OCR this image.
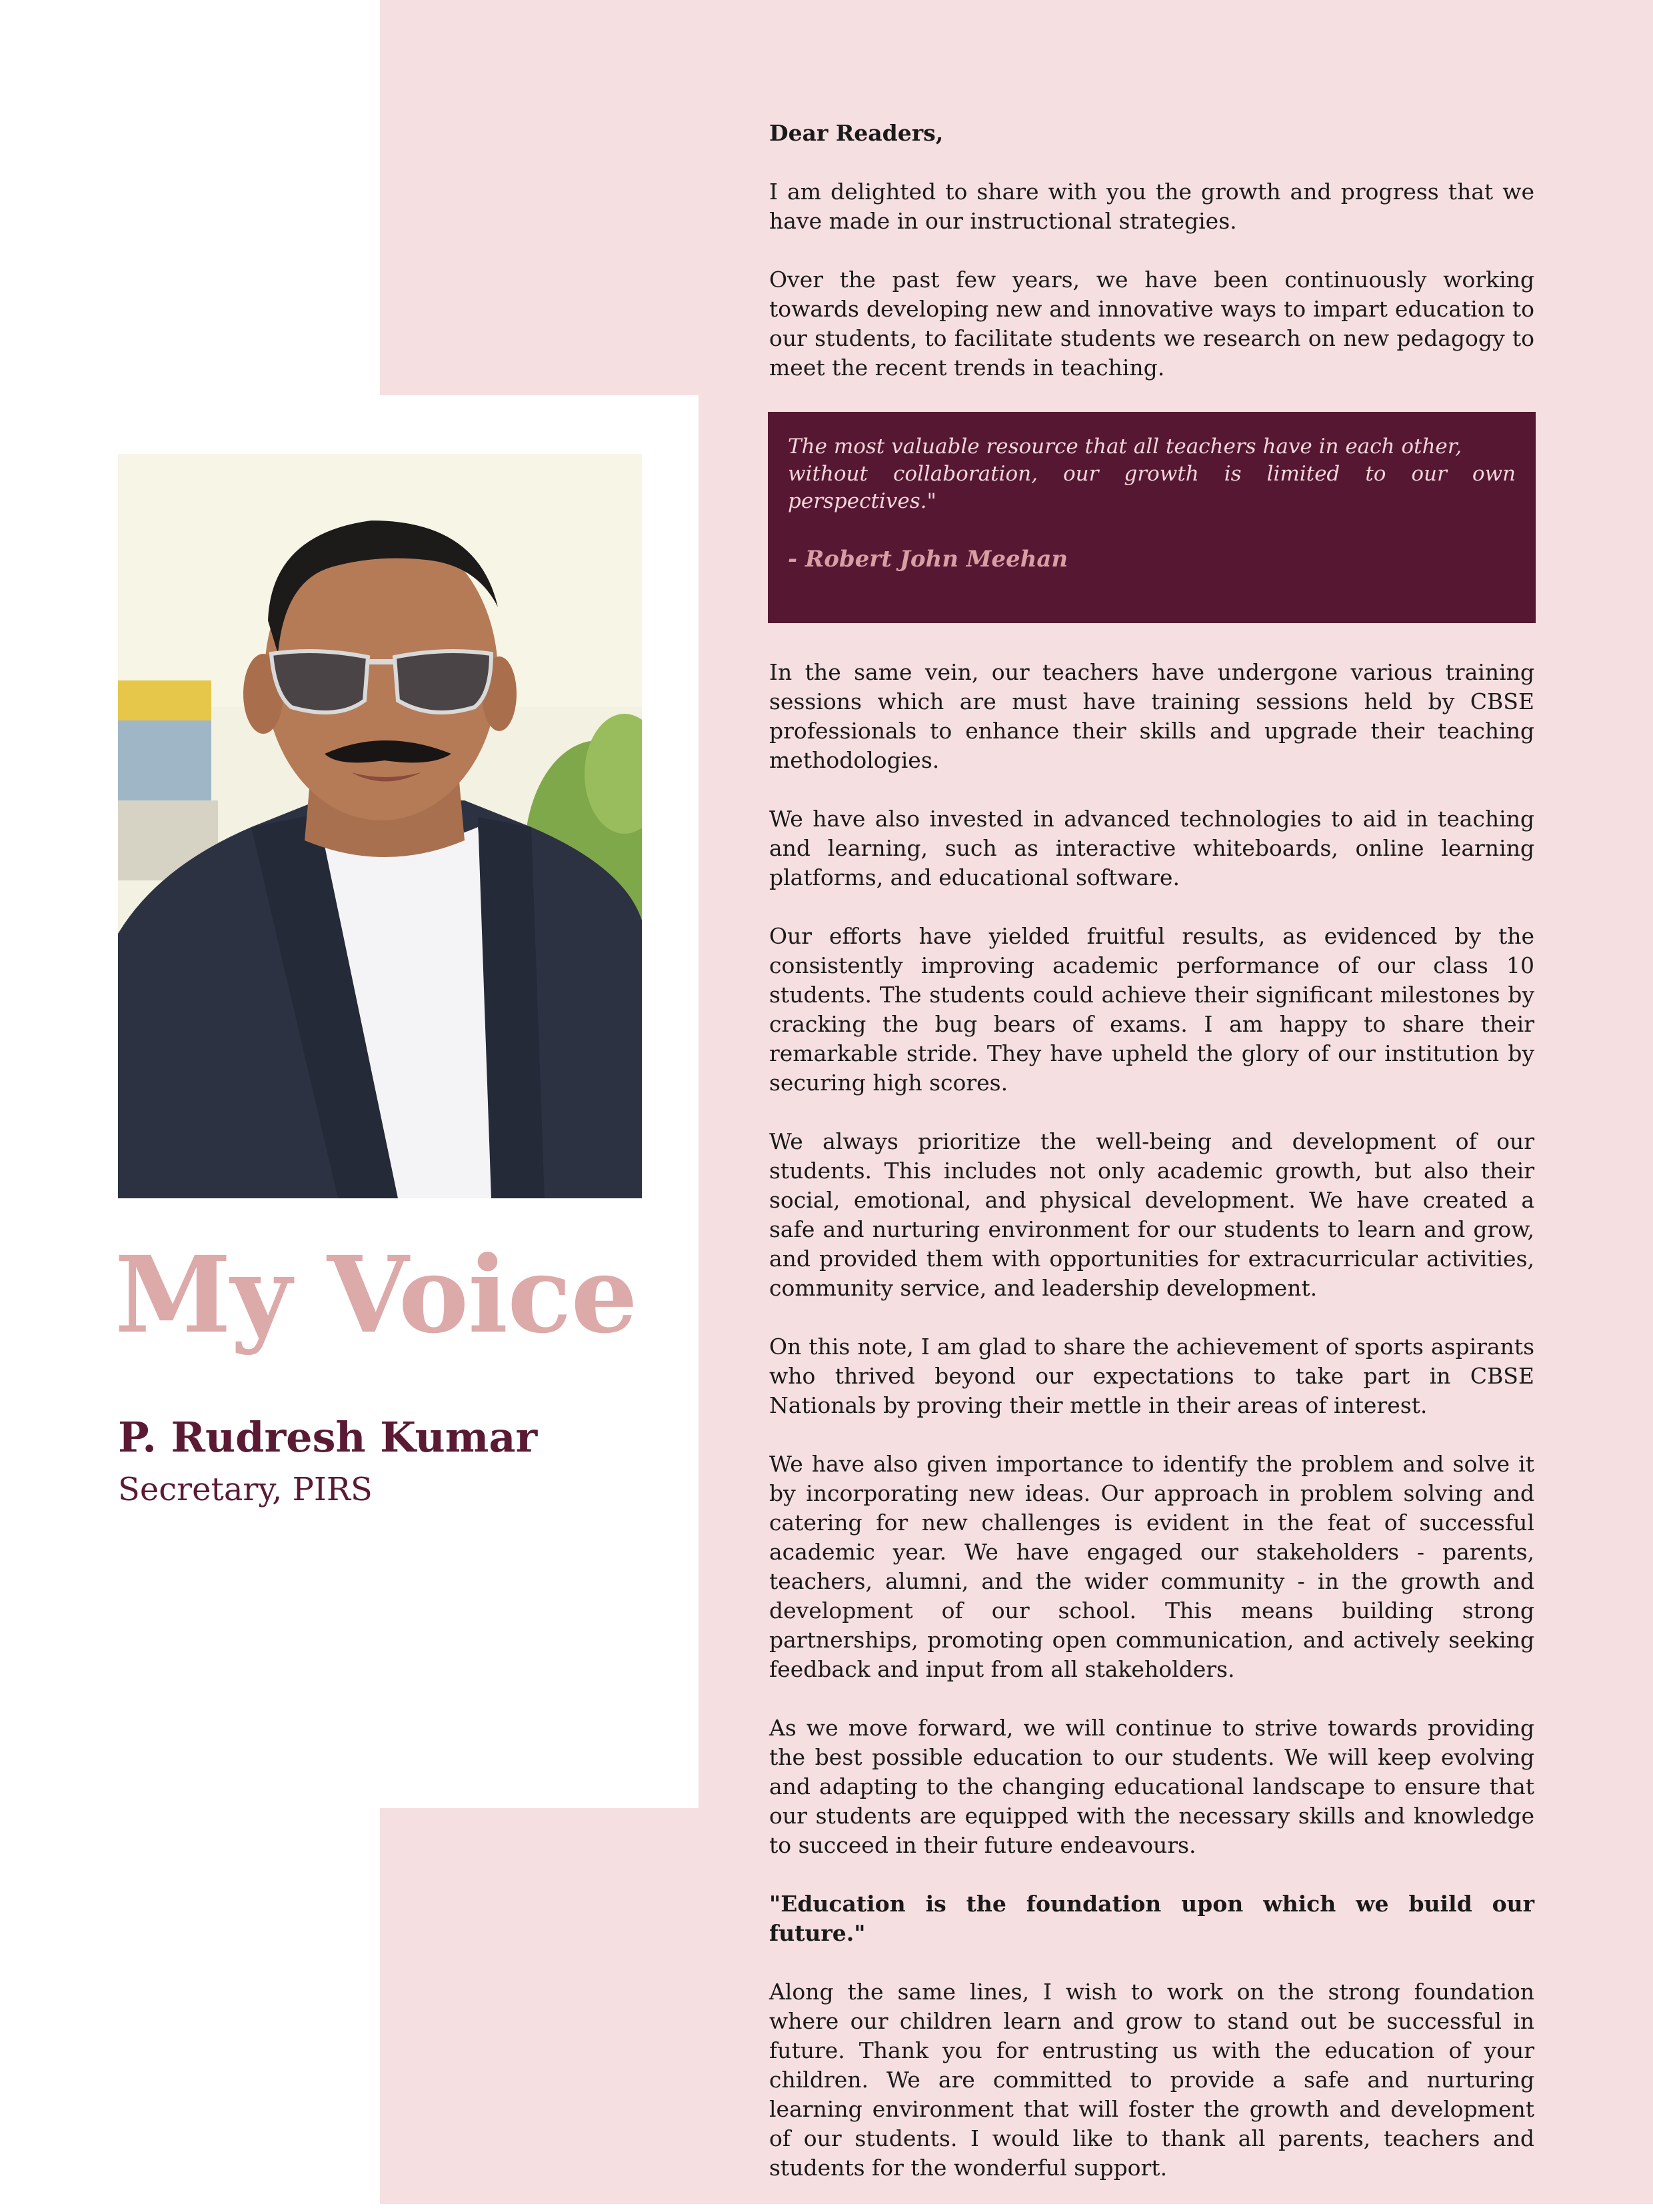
My Voice
P. Rudresh Kumar
Secretary, PIRS

Dear Readers,

I am delighted to share with you the growth and progress that we have made in our instructional strategies.

Over the past few years, we have been continuously working towards developing new and innovative ways to impart education to our students, to facilitate students we research on new pedagogy to meet the recent trends in teaching.

The most valuable resource that all teachers have in each other,
without collaboration, our growth is limited to our own perspectives."

- Robert John Meehan

In the same vein, our teachers have undergone various training sessions which are must have training sessions held by CBSE professionals to enhance their skills and upgrade their teaching methodologies.

We have also invested in advanced technologies to aid in teaching and learning, such as interactive whiteboards, online learning platforms, and educational software.

Our efforts have yielded fruitful results, as evidenced by the consistently improving academic performance of our class 10 students. The students could achieve their significant milestones by cracking the bug bears of exams. I am happy to share their remarkable stride. They have upheld the glory of our institution by securing high scores.

We always prioritize the well-being and development of our students. This includes not only academic growth, but also their social, emotional, and physical development. We have created a safe and nurturing environment for our students to learn and grow, and provided them with opportunities for extracurricular activities, community service, and leadership development.

On this note, I am glad to share the achievement of sports aspirants who thrived beyond our expectations to take part in CBSE Nationals by proving their mettle in their areas of interest.

We have also given importance to identify the problem and solve it by incorporating new ideas. Our approach in problem solving and catering for new challenges is evident in the feat of successful academic year. We have engaged our stakeholders - parents, teachers, alumni, and the wider community - in the growth and development of our school. This means building strong partnerships, promoting open communication, and actively seeking feedback and input from all stakeholders.

As we move forward, we will continue to strive towards providing the best possible education to our students. We will keep evolving and adapting to the changing educational landscape to ensure that our students are equipped with the necessary skills and knowledge to succeed in their future endeavours.

"Education is the foundation upon which we build our future."

Along the same lines, I wish to work on the strong foundation where our children learn and grow to stand out be successful in future. Thank you for entrusting us with the education of your children. We are committed to provide a safe and nurturing learning environment that will foster the growth and development of our students. I would like to thank all parents, teachers and students for the wonderful support.
